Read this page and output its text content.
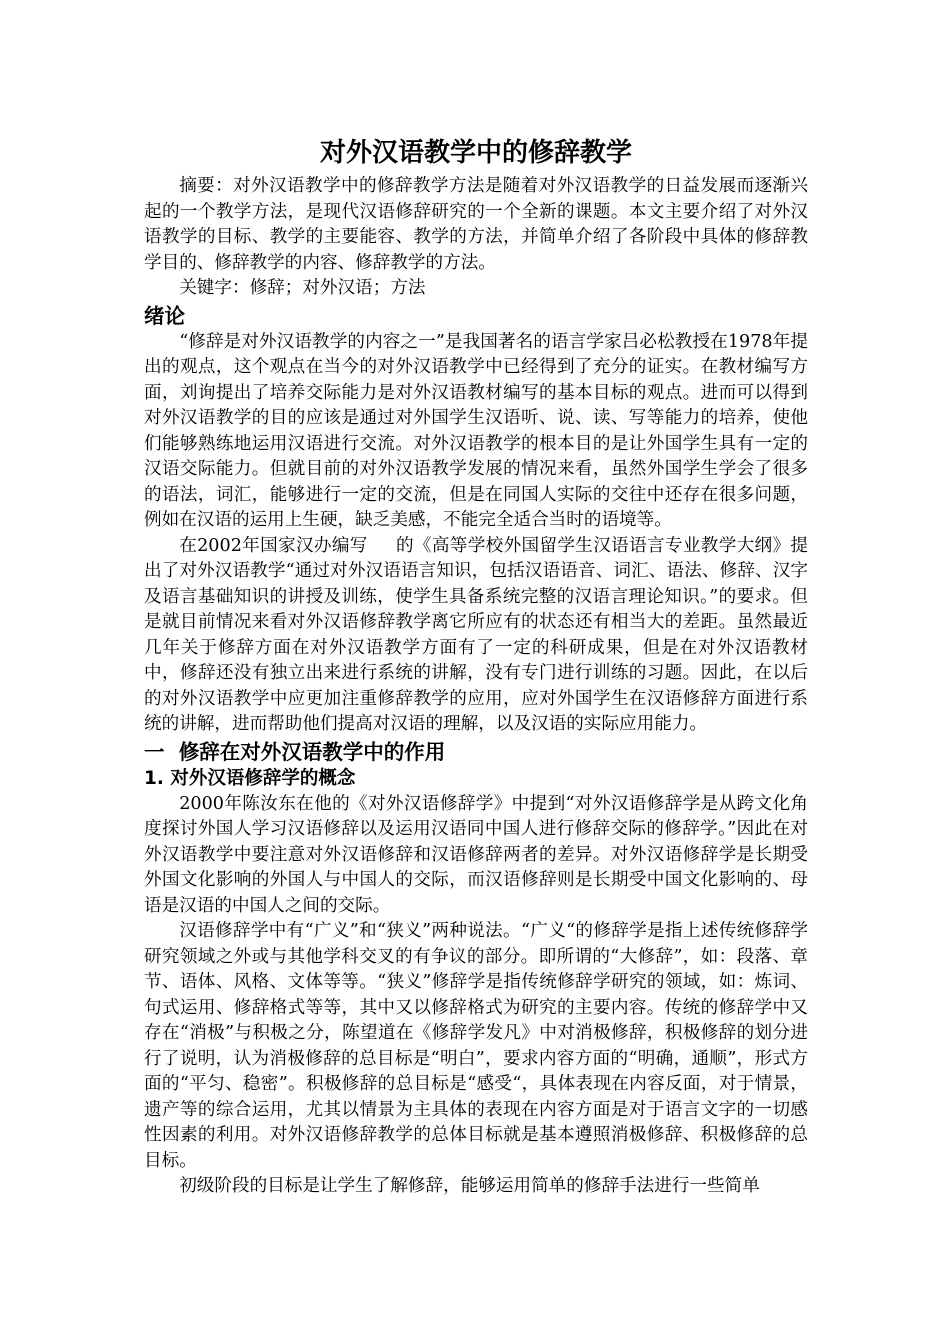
对外汉语教学中的修辞教学

摘要：对外汉语教学中的修辞教学方法是随着对外汉语教学的日益发展而逐渐兴起的一个教学方法，是现代汉语修辞研究的一个全新的课题。本文主要介绍了对外汉语教学的目标、教学的主要能容、教学的方法，并简单介绍了各阶段中具体的修辞教学目的、修辞教学的内容、修辞教学的方法。

关键字：修辞；对外汉语；方法

绪论

“修辞是对外汉语教学的内容之一”是我国著名的语言学家吕必松教授在1978年提出的观点，这个观点在当今的对外汉语教学中已经得到了充分的证实。在教材编写方面，刘询提出了培养交际能力是对外汉语教材编写的基本目标的观点。进而可以得到对外汉语教学的目的应该是通过对外国学生汉语听、说、读、写等能力的培养，使他们能够熟练地运用汉语进行交流。对外汉语教学的根本目的是让外国学生具有一定的汉语交际能力。但就目前的对外汉语教学发展的情况来看，虽然外国学生学会了很多的语法，词汇，能够进行一定的交流，但是在同国人实际的交往中还存在很多问题，例如在汉语的运用上生硬，缺乏美感，不能完全适合当时的语境等。

在2002年国家汉办编写 的《高等学校外国留学生汉语语言专业教学大纲》提出了对外汉语教学“通过对外汉语语言知识，包括汉语语音、词汇、语法、修辞、汉字及语言基础知识的讲授及训练，使学生具备系统完整的汉语言理论知识。”的要求。但是就目前情况来看对外汉语修辞教学离它所应有的状态还有相当大的差距。虽然最近几年关于修辞方面在对外汉语教学方面有了一定的科研成果，但是在对外汉语教材中，修辞还没有独立出来进行系统的讲解，没有专门进行训练的习题。因此，在以后的对外汉语教学中应更加注重修辞教学的应用，应对外国学生在汉语修辞方面进行系统的讲解，进而帮助他们提高对汉语的理解，以及汉语的实际应用能力。

一  修辞在对外汉语教学中的作用
1. 对外汉语修辞学的概念

2000年陈汝东在他的《对外汉语修辞学》中提到“对外汉语修辞学是从跨文化角度探讨外国人学习汉语修辞以及运用汉语同中国人进行修辞交际的修辞学。”因此在对外汉语教学中要注意对外汉语修辞和汉语修辞两者的差异。对外汉语修辞学是长期受外国文化影响的外国人与中国人的交际，而汉语修辞则是长期受中国文化影响的、母语是汉语的中国人之间的交际。

汉语修辞学中有“广义”和“狭义”两种说法。“广义“的修辞学是指上述传统修辞学研究领域之外或与其他学科交叉的有争议的部分。即所谓的“大修辞”，如：段落、章节、语体、风格、文体等等。“狭义”修辞学是指传统修辞学研究的领域，如：炼词、句式运用、修辞格式等等，其中又以修辞格式为研究的主要内容。传统的修辞学中又存在“消极”与积极之分，陈望道在《修辞学发凡》中对消极修辞，积极修辞的划分进行了说明，认为消极修辞的总目标是“明白”，要求内容方面的“明确，通顺”，形式方面的“平匀、稳密”。积极修辞的总目标是“感受“，具体表现在内容反面，对于情景，遗产等的综合运用，尤其以情景为主具体的表现在内容方面是对于语言文字的一切感性因素的利用。对外汉语修辞教学的总体目标就是基本遵照消极修辞、积极修辞的总目标。

初级阶段的目标是让学生了解修辞，能够运用简单的修辞手法进行一些简单
